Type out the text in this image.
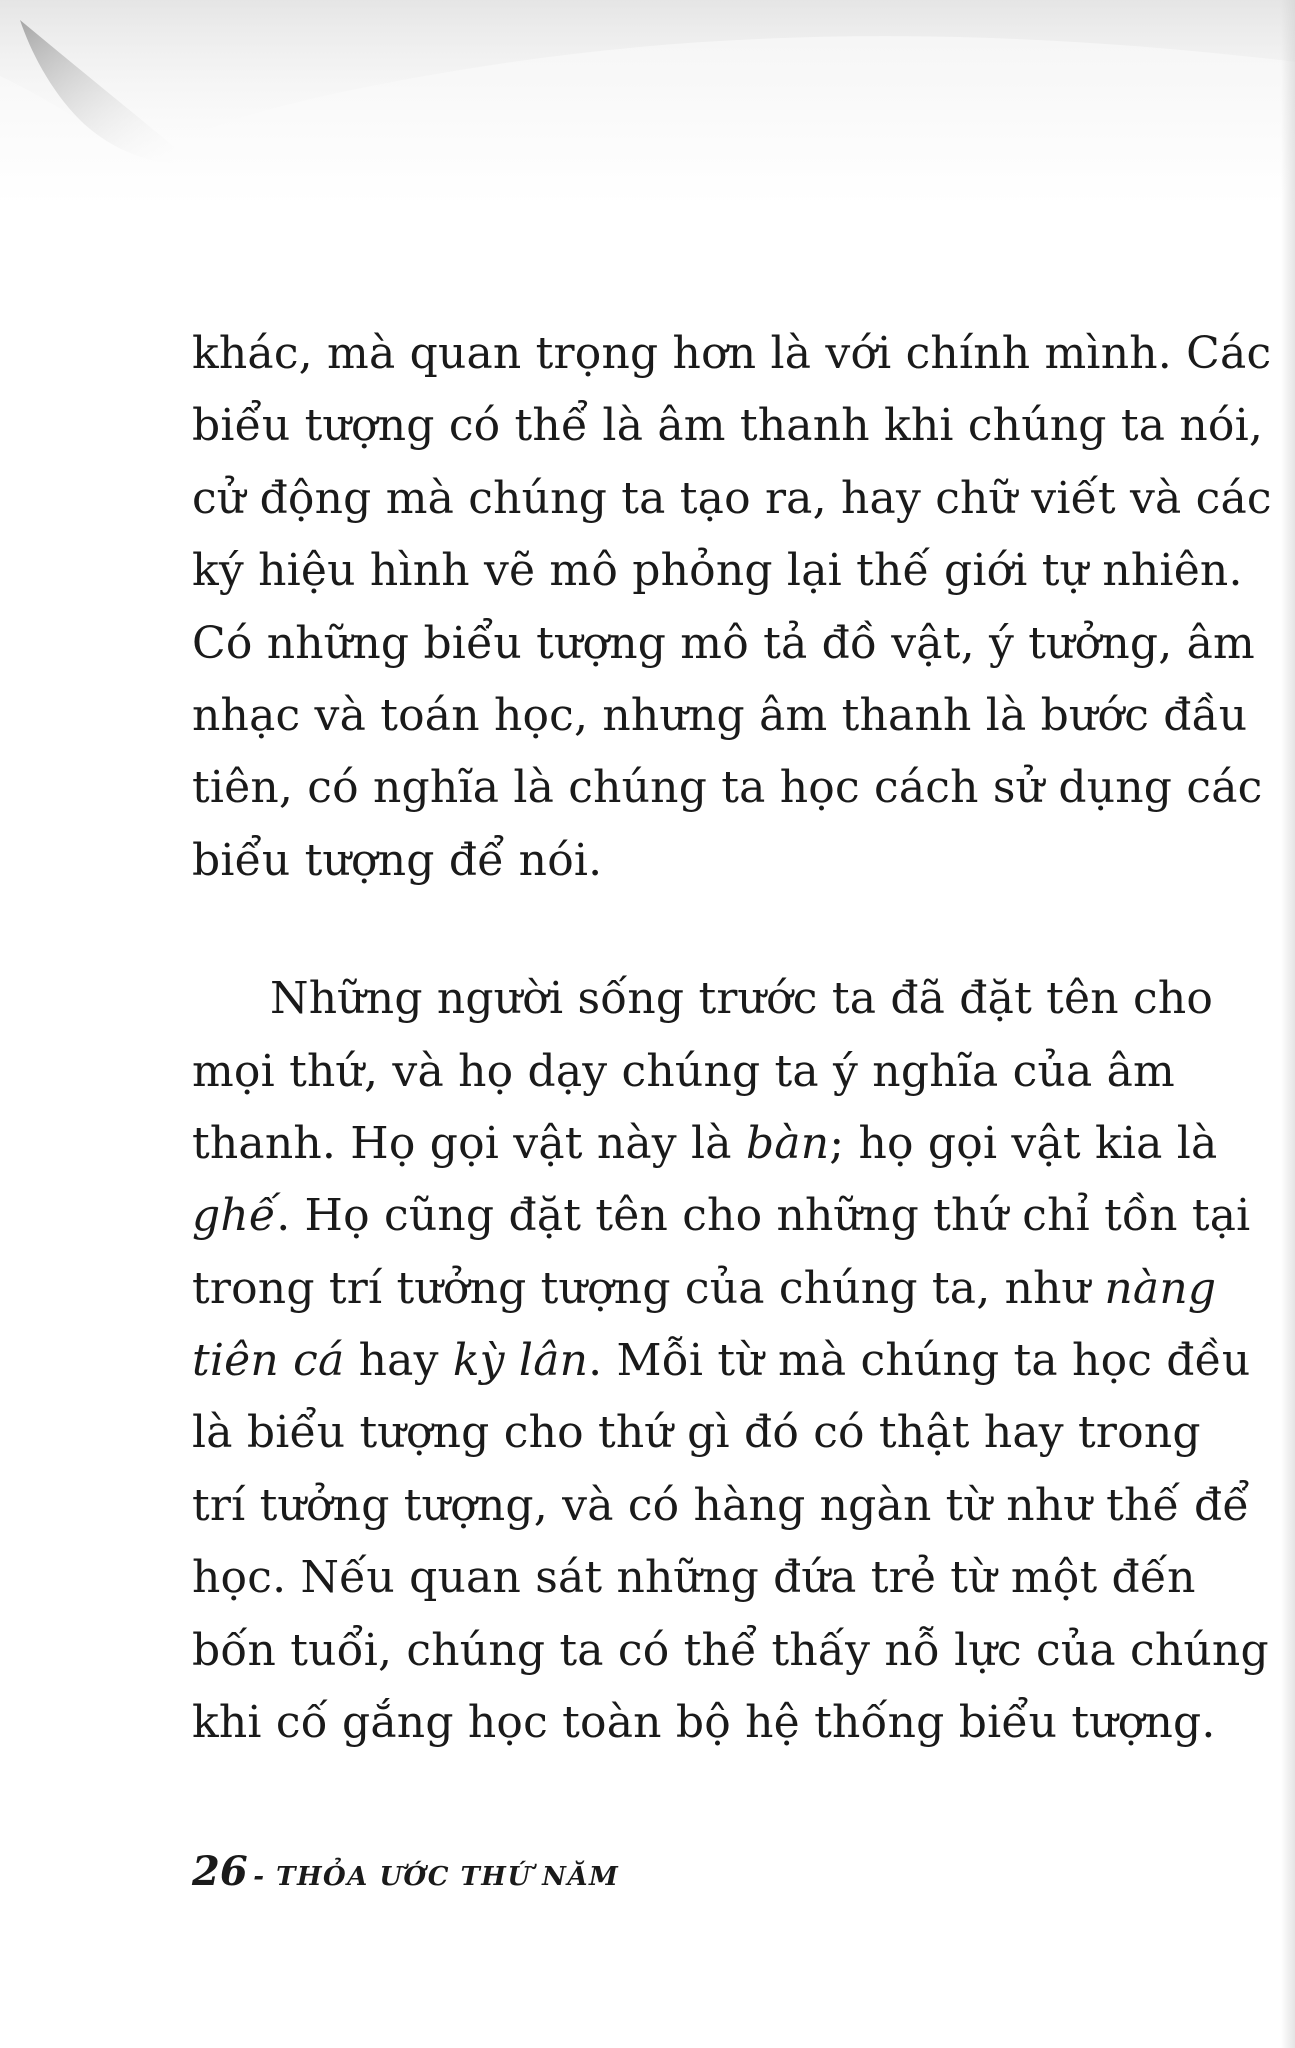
khác, mà quan trọng hơn là với chính mình. Các
biểu tượng có thể là âm thanh khi chúng ta nói,
cử động mà chúng ta tạo ra, hay chữ viết và các
ký hiệu hình vẽ mô phỏng lại thế giới tự nhiên.
Có những biểu tượng mô tả đồ vật, ý tưởng, âm
nhạc và toán học, nhưng âm thanh là bước đầu
tiên, có nghĩa là chúng ta học cách sử dụng các
biểu tượng để nói.
Những người sống trước ta đã đặt tên cho
mọi thứ, và họ dạy chúng ta ý nghĩa của âm
thanh. Họ gọi vật này là bàn; họ gọi vật kia là
ghế. Họ cũng đặt tên cho những thứ chỉ tồn tại
trong trí tưởng tượng của chúng ta, như nàng
tiên cá hay kỳ lân. Mỗi từ mà chúng ta học đều
là biểu tượng cho thứ gì đó có thật hay trong
trí tưởng tượng, và có hàng ngàn từ như thế để
học. Nếu quan sát những đứa trẻ từ một đến
bốn tuổi, chúng ta có thể thấy nỗ lực của chúng
khi cố gắng học toàn bộ hệ thống biểu tượng.
26 - THỎA ƯỚC THỨ NĂM
